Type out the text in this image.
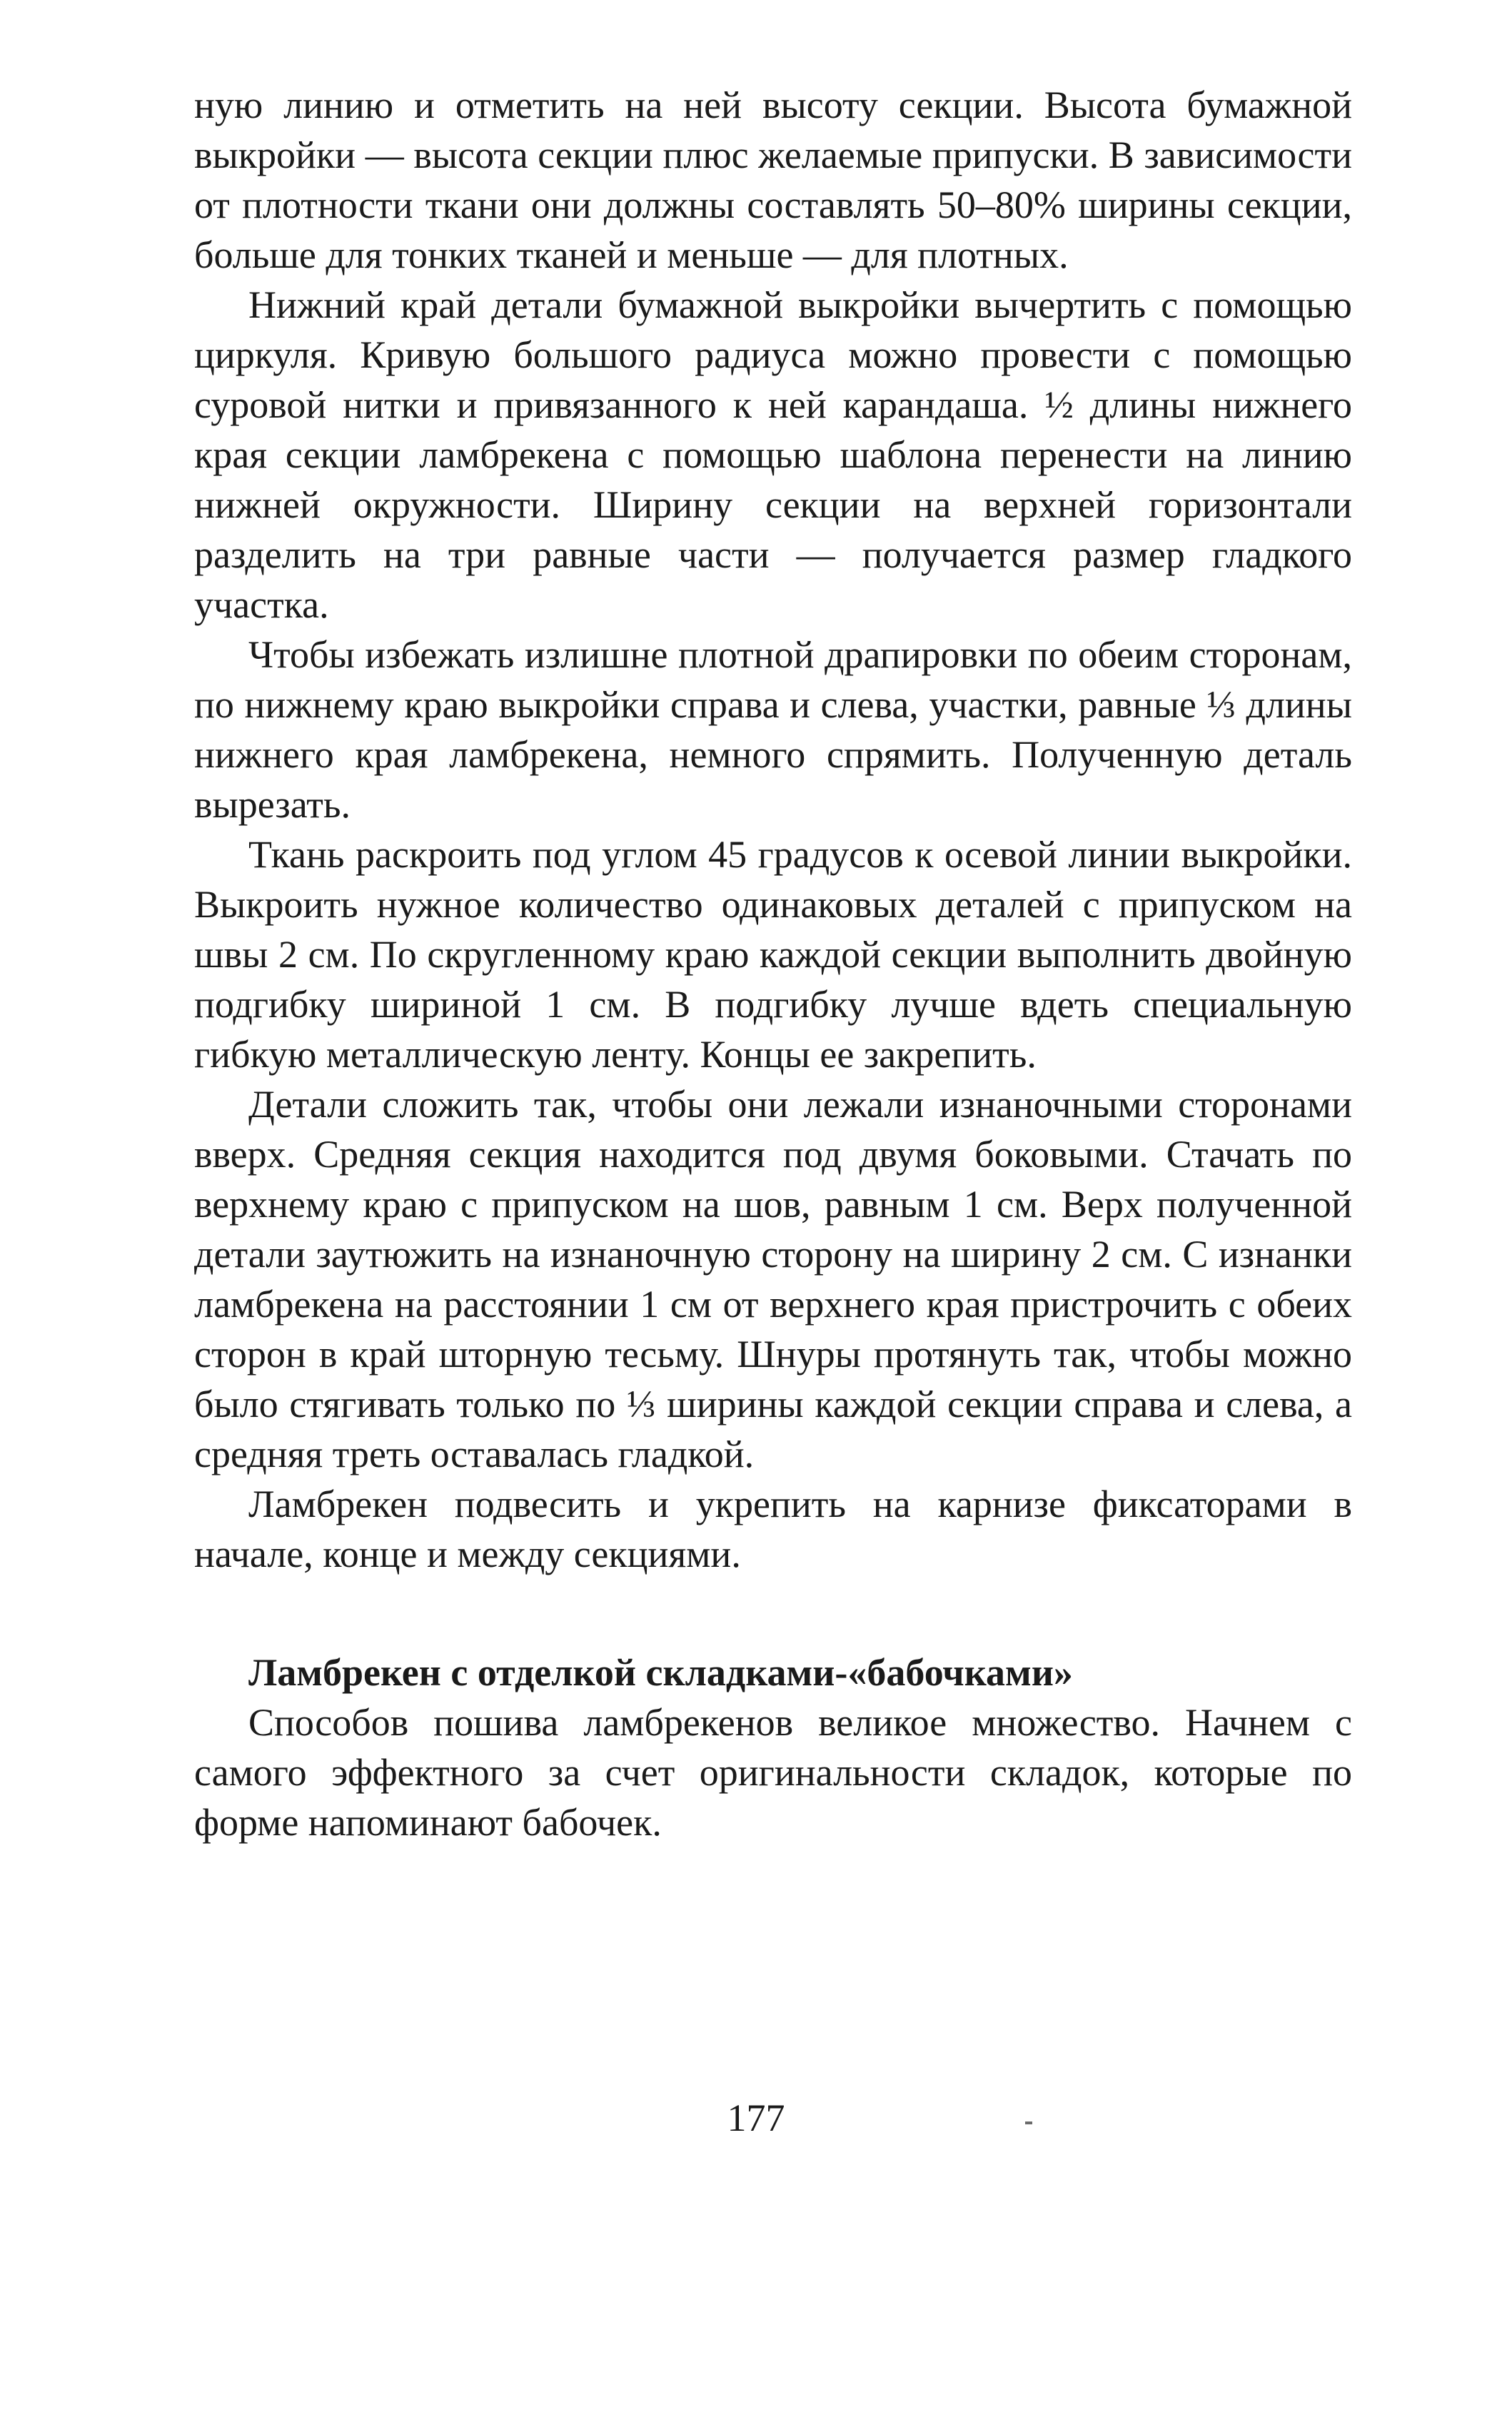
ную линию и отметить на ней высоту секции. Высота бумажной выкройки — высота секции плюс желаемые припуски. В зависимости от плотности ткани они должны составлять 50–80% ширины секции, больше для тонких тканей и меньше — для плотных.

Нижний край детали бумажной выкройки вычертить с помощью циркуля. Кривую большого радиуса можно провести с помощью суровой нитки и привязанного к ней карандаша. ½ длины нижнего края секции ламбрекена с помощью шаблона перенести на линию нижней окружности. Ширину секции на верхней горизонтали разделить на три равные части — получается размер гладкого участка.

Чтобы избежать излишне плотной драпировки по обеим сторонам, по нижнему краю выкройки справа и слева, участки, равные ⅓ длины нижнего края ламбрекена, немного спрямить. Полученную деталь вырезать.

Ткань раскроить под углом 45 градусов к осевой линии выкройки. Выкроить нужное количество одинаковых деталей с припуском на швы 2 см. По скругленному краю каждой секции выполнить двойную подгибку шириной 1 см. В подгибку лучше вдеть специальную гибкую металлическую ленту. Концы ее закрепить.

Детали сложить так, чтобы они лежали изнаночными сторонами вверх. Средняя секция находится под двумя боковыми. Стачать по верхнему краю с припуском на шов, равным 1 см. Верх полученной детали заутюжить на изнаночную сторону на ширину 2 см. С изнанки ламбрекена на расстоянии 1 см от верхнего края пристрочить с обеих сторон в край шторную тесьму. Шнуры протянуть так, чтобы можно было стягивать только по ⅓ ширины каждой секции справа и слева, а средняя треть оставалась гладкой.

Ламбрекен подвесить и укрепить на карнизе фиксаторами в начале, конце и между секциями.

Ламбрекен с отделкой складками-«бабочками»

Способов пошива ламбрекенов великое множество. Начнем с самого эффектного за счет оригинальности складок, которые по форме напоминают бабочек.

177
